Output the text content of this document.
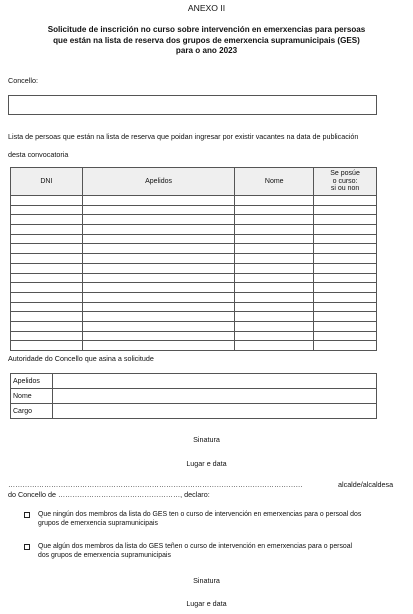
ANEXO II
Solicitude de inscrición no curso sobre intervención en emerxencias para persoas
que están na lista de reserva dos grupos de emerxencia supramunicipais (GES)
para o ano 2023
Concello:
Lista de persoas que están na lista de reserva que poidan ingresar por existir vacantes na data de publicación
desta convocatoria
DNI	Apelidos	Nome	Se posúe
o curso:
si ou non

Autoridade do Concello que asina a solicitude
Apelidos	
Nome	
Cargo	
Sinatura
Lugar e data
……………………………………………………………………………………………………………	alcalde/alcaldesa
do Concello de ……………………………………………, declaro:
Que ningún dos membros da lista do GES ten o curso de intervención en emerxencias para o persoal dos
grupos de emerxencia supramunicipais
Que algún dos membros da lista do GES teñen o curso de intervención en emerxencias para o persoal
dos grupos de emerxencia supramunicipais
Sinatura
Lugar e data
